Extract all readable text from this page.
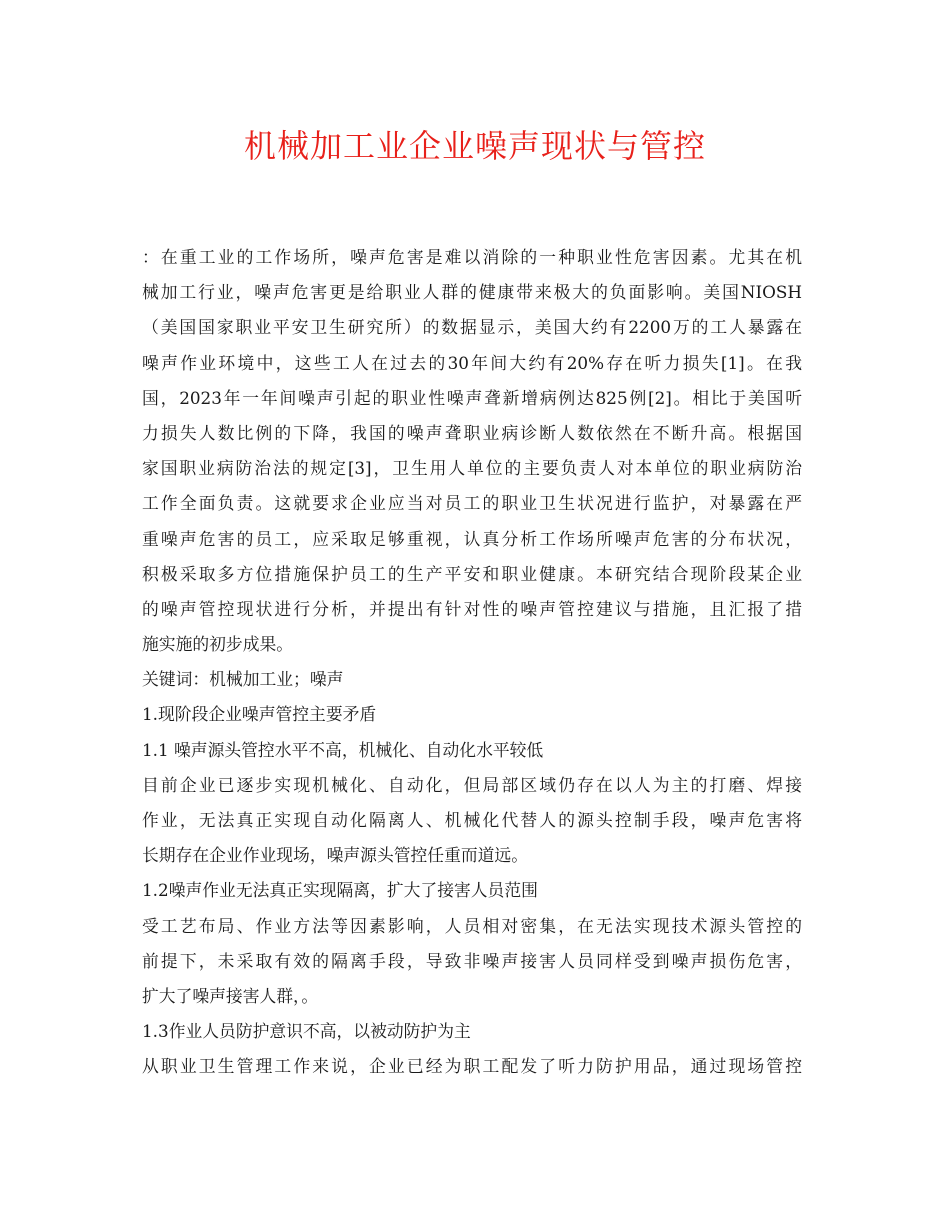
机械加工业企业噪声现状与管控
：在重工业的工作场所，噪声危害是难以消除的一种职业性危害因素。尤其在机
械加工行业，噪声危害更是给职业人群的健康带来极大的负面影响。美国NIOSH
（美国国家职业平安卫生研究所）的数据显示，美国大约有2200万的工人暴露在
噪声作业环境中，这些工人在过去的30年间大约有20%存在听力损失[1]。在我
国，2023年一年间噪声引起的职业性噪声聋新增病例达825例[2]。相比于美国听
力损失人数比例的下降，我国的噪声聋职业病诊断人数依然在不断升高。根据国
家国职业病防治法的规定[3]，卫生用人单位的主要负责人对本单位的职业病防治
工作全面负责。这就要求企业应当对员工的职业卫生状况进行监护，对暴露在严
重噪声危害的员工，应采取足够重视，认真分析工作场所噪声危害的分布状况，
积极采取多方位措施保护员工的生产平安和职业健康。本研究结合现阶段某企业
的噪声管控现状进行分析，并提出有针对性的噪声管控建议与措施，且汇报了措
施实施的初步成果。
关键词：机械加工业；噪声
1.现阶段企业噪声管控主要矛盾
1.1 噪声源头管控水平不高，机械化、自动化水平较低
目前企业已逐步实现机械化、自动化，但局部区域仍存在以人为主的打磨、焊接
作业，无法真正实现自动化隔离人、机械化代替人的源头控制手段，噪声危害将
长期存在企业作业现场，噪声源头管控任重而道远。
1.2噪声作业无法真正实现隔离，扩大了接害人员范围
受工艺布局、作业方法等因素影响，人员相对密集，在无法实现技术源头管控的
前提下，未采取有效的隔离手段，导致非噪声接害人员同样受到噪声损伤危害，
扩大了噪声接害人群，。
1.3作业人员防护意识不高，以被动防护为主
从职业卫生管理工作来说，企业已经为职工配发了听力防护用品，通过现场管控
